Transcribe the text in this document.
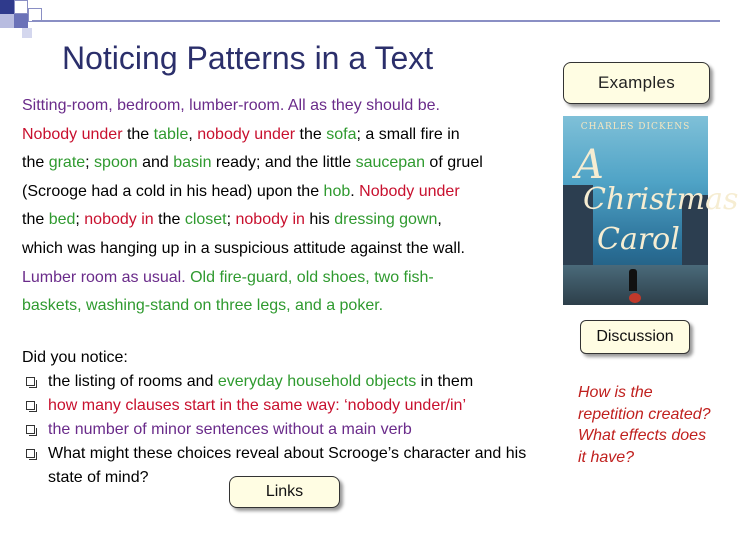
Noticing Patterns in a Text
Examples

Sitting-room, bedroom, lumber-room. All as they should be.

Nobody under the table, nobody under the sofa; a small fire in

the grate; spoon and basin ready; and the little saucepan of gruel

(Scrooge had a cold in his head) upon the hob. Nobody under

the bed; nobody in the closet; nobody in his dressing gown,

which was hanging up in a suspicious attitude against the wall.

Lumber room as usual. Old fire-guard, old shoes, two fish-

baskets, washing-stand on three legs, and a poker.

CHARLES DICKENS
A
Christmas
Carol
Discussion

How is the repetition created?

What effects does it have?

Did you notice:

the listing of rooms and everyday household objects in them
how many clauses start in the same way: ‘nobody under/in’
the number of minor sentences without a main verb
What might these choices reveal about Scrooge’s character and his state of mind?
Links
